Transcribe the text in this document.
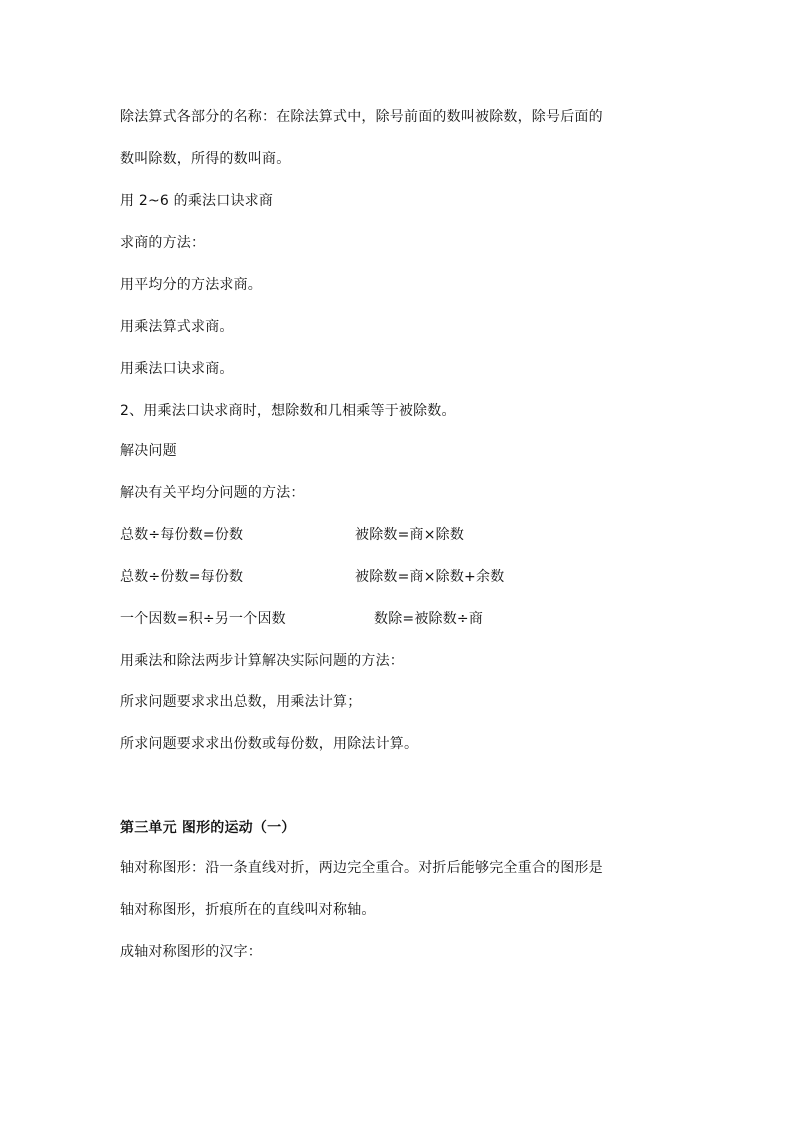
除法算式各部分的名称：在除法算式中，除号前面的数叫被除数，除号后面的
数叫除数，所得的数叫商。
用 2~6 的乘法口诀求商
求商的方法：
用平均分的方法求商。
用乘法算式求商。
用乘法口诀求商。
2、用乘法口诀求商时，想除数和几相乘等于被除数。
解决问题
解决有关平均分问题的方法：
总数÷每份数=份数	被除数=商×除数
总数÷份数=每份数	被除数=商×除数+余数
一个因数=积÷另一个因数	数除=被除数÷商
用乘法和除法两步计算解决实际问题的方法：
所求问题要求求出总数，用乘法计算；
所求问题要求求出份数或每份数，用除法计算。
第三单元 图形的运动（一）
轴对称图形：沿一条直线对折，两边完全重合。对折后能够完全重合的图形是
轴对称图形，折痕所在的直线叫对称轴。
成轴对称图形的汉字：
